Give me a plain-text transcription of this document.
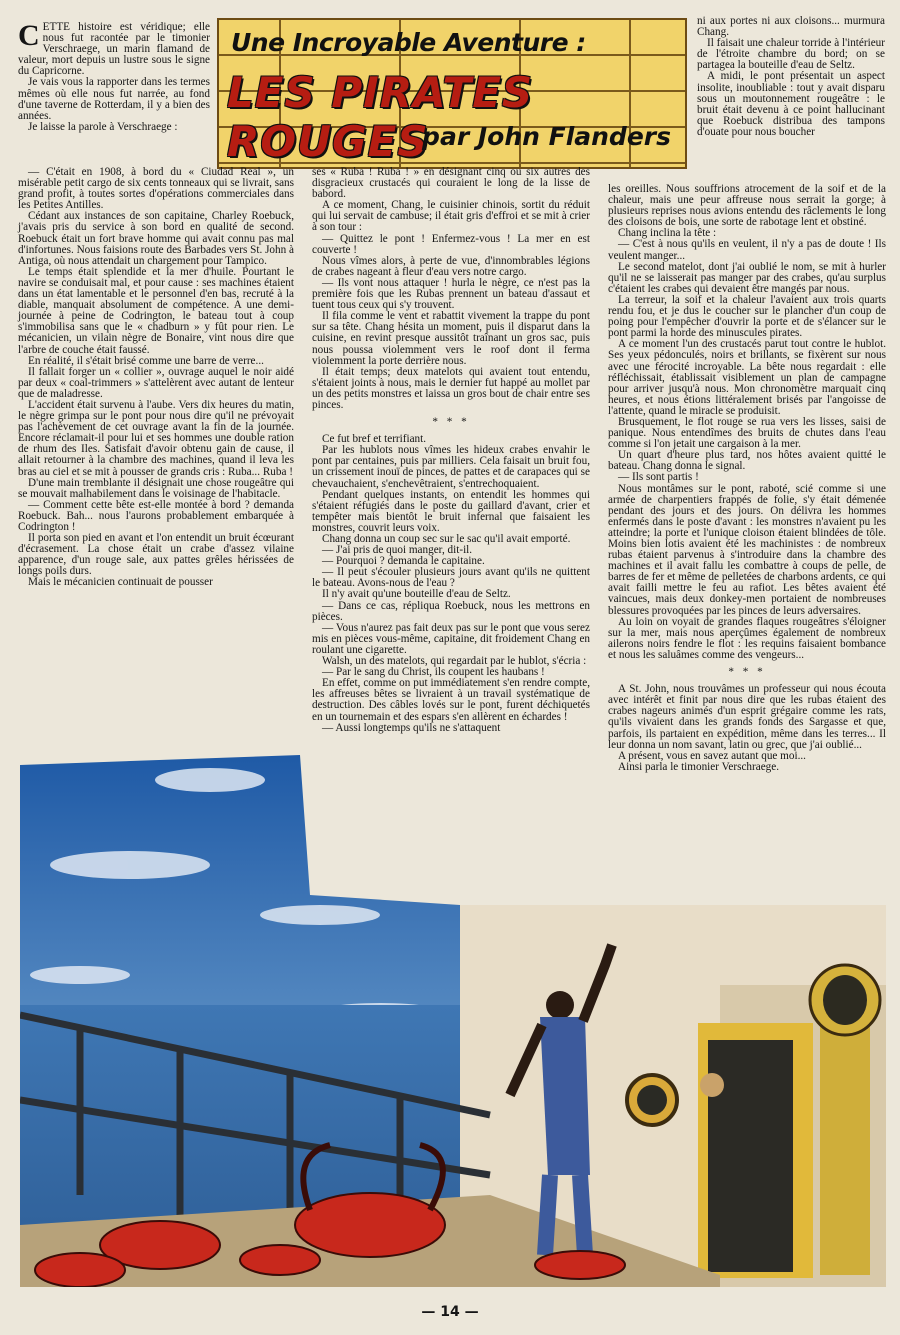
Une Incroyable Aventure :
LES PIRATES ROUGES
par John Flanders

CETTE histoire est véridique; elle nous fut racontée par le timonier Verschraege, un marin flamand de valeur, mort depuis un lustre sous le signe du Capricorne.

Je vais vous la rapporter dans les termes mêmes où elle nous fut narrée, au fond d'une taverne de Rotterdam, il y a bien des années.

Je laisse la parole à Verschraege :

— C'était en 1908, à bord du « Ciudad Real », un misérable petit cargo de six cents tonneaux qui se livrait, sans grand profit, à toutes sortes d'opérations commerciales dans les Petites Antilles.

Cédant aux instances de son capitaine, Charley Roebuck, j'avais pris du service à son bord en qualité de second. Roebuck était un fort brave homme qui avait connu pas mal d'infortunes. Nous faisions route des Barbades vers St. John à Antiga, où nous attendait un chargement pour Tampico.

Le temps était splendide et la mer d'huile. Pourtant le navire se conduisait mal, et pour cause : ses machines étaient dans un état lamentable et le personnel d'en bas, recruté à la diable, manquait absolument de compétence. A une demi-journée à peine de Codrington, le bateau tout à coup s'immobilisa sans que le « chadburn » y fût pour rien. Le mécanicien, un vilain nègre de Bonaire, vint nous dire que l'arbre de couche était faussé.

En réalité, il s'était brisé comme une barre de verre...

Il fallait forger un « collier », ouvrage auquel le noir aidé par deux « coal-trimmers » s'attelèrent avec autant de lenteur que de maladresse.

L'accident était survenu à l'aube. Vers dix heures du matin, le nègre grimpa sur le pont pour nous dire qu'il ne prévoyait pas l'achèvement de cet ouvrage avant la fin de la journée. Encore réclamait-il pour lui et ses hommes une double ration de rhum des Iles. Satisfait d'avoir obtenu gain de cause, il allait retourner à la chambre des machines, quand il leva les bras au ciel et se mit à pousser de grands cris : Ruba... Ruba !

D'une main tremblante il désignait une chose rougeâtre qui se mouvait malhabilement dans le voisinage de l'habitacle.

— Comment cette bête est-elle montée à bord ? demanda Roebuck. Bah... nous l'aurons probablement embarquée à Codrington !

Il porta son pied en avant et l'on entendit un bruit écœurant d'écrasement. La chose était un crabe d'assez vilaine apparence, d'un rouge sale, aux pattes grêles hérissées de longs poils durs.

Mais le mécanicien continuait de pousser

ses « Ruba ! Ruba ! » en désignant cinq ou six autres des disgracieux crustacés qui couraient le long de la lisse de babord.

A ce moment, Chang, le cuisinier chinois, sortit du réduit qui lui servait de cambuse; il était gris d'effroi et se mit à crier à son tour :

— Quittez le pont ! Enfermez-vous ! La mer en est couverte !

Nous vîmes alors, à perte de vue, d'innombrables légions de crabes nageant à fleur d'eau vers notre cargo.

— Ils vont nous attaquer ! hurla le nègre, ce n'est pas la première fois que les Rubas prennent un bateau d'assaut et tuent tous ceux qui s'y trouvent.

Il fila comme le vent et rabattit vivement la trappe du pont sur sa tête. Chang hésita un moment, puis il disparut dans la cuisine, en revint presque aussitôt traînant un gros sac, puis nous poussa violemment vers le roof dont il ferma violemment la porte derrière nous.

Il était temps; deux matelots qui avaient tout entendu, s'étaient joints à nous, mais le dernier fut happé au mollet par un des petits monstres et laissa un gros bout de chair entre ses pinces.

* * *

Ce fut bref et terrifiant.

Par les hublots nous vîmes les hideux crabes envahir le pont par centaines, puis par milliers. Cela faisait un bruit fou, un crissement inouï de pinces, de pattes et de carapaces qui se chevauchaient, s'enchevêtraient, s'entrechoquaient.

Pendant quelques instants, on entendit les hommes qui s'étaient réfugiés dans le poste du gaillard d'avant, crier et tempêter mais bientôt le bruit infernal que faisaient les monstres, couvrit leurs voix.

Chang donna un coup sec sur le sac qu'il avait emporté.

— J'ai pris de quoi manger, dit-il.

— Pourquoi ? demanda le capitaine.

— Il peut s'écouler plusieurs jours avant qu'ils ne quittent le bateau. Avons-nous de l'eau ?

Il n'y avait qu'une bouteille d'eau de Seltz.

— Dans ce cas, répliqua Roebuck, nous les mettrons en pièces.

— Vous n'aurez pas fait deux pas sur le pont que vous serez mis en pièces vous-même, capitaine, dit froidement Chang en roulant une cigarette.

Walsh, un des matelots, qui regardait par le hublot, s'écria :

— Par le sang du Christ, ils coupent les haubans !

En effet, comme on put immédiatement s'en rendre compte, les affreuses bêtes se livraient à un travail systématique de destruction. Des câbles lovés sur le pont, furent déchiquetés en un tournemain et des espars s'en allèrent en échardes !

— Aussi longtemps qu'ils ne s'attaquent

ni aux portes ni aux cloisons... murmura Chang.

Il faisait une chaleur torride à l'intérieur de l'étroite chambre du bord; on se partagea la bouteille d'eau de Seltz.

A midi, le pont présentait un aspect insolite, inoubliable : tout y avait disparu sous un moutonnement rougeâtre : le bruit était devenu à ce point hallucinant que Roebuck distribua des tampons d'ouate pour nous boucher

les oreilles. Nous souffrions atrocement de la soif et de la chaleur, mais une peur affreuse nous serrait la gorge; à plusieurs reprises nous avions entendu des râclements le long des cloisons de bois, une sorte de rabotage lent et obstiné.

Chang inclina la tête :

— C'est à nous qu'ils en veulent, il n'y a pas de doute ! Ils veulent manger...

Le second matelot, dont j'ai oublié le nom, se mit à hurler qu'il ne se laisserait pas manger par des crabes, qu'au surplus c'étaient les crabes qui devaient être mangés par nous.

La terreur, la soif et la chaleur l'avaient aux trois quarts rendu fou, et je dus le coucher sur le plancher d'un coup de poing pour l'empêcher d'ouvrir la porte et de s'élancer sur le pont parmi la horde des minuscules pirates.

A ce moment l'un des crustacés parut tout contre le hublot. Ses yeux pédonculés, noirs et brillants, se fixèrent sur nous avec une férocité incroyable. La bête nous regardait : elle réfléchissait, établissait visiblement un plan de campagne pour arriver jusqu'à nous. Mon chronomètre marquait cinq heures, et nous étions littéralement brisés par l'angoisse de l'attente, quand le miracle se produisit.

Brusquement, le flot rouge se rua vers les lisses, saisi de panique. Nous entendîmes des bruits de chutes dans l'eau comme si l'on jetait une cargaison à la mer.

Un quart d'heure plus tard, nos hôtes avaient quitté le bateau. Chang donna le signal.

— Ils sont partis !

Nous montâmes sur le pont, raboté, scié comme si une armée de charpentiers frappés de folie, s'y était démenée pendant des jours et des jours. On délivra les hommes enfermés dans le poste d'avant : les monstres n'avaient pu les atteindre; la porte et l'unique cloison étaient blindées de tôle. Moins bien lotis avaient été les machinistes : de nombreux rubas étaient parvenus à s'introduire dans la chambre des machines et il avait fallu les combattre à coups de pelle, de barres de fer et même de pelletées de charbons ardents, ce qui avait failli mettre le feu au rafiot. Les bêtes avaient été vaincues, mais deux donkey-men portaient de nombreuses blessures provoquées par les pinces de leurs adversaires.

Au loin on voyait de grandes flaques rougeâtres s'éloigner sur la mer, mais nous aperçûmes également de nombreux ailerons noirs fendre le flot : les requins faisaient bombance et nous les saluâmes comme des vengeurs...

* * *

A St. John, nous trouvâmes un professeur qui nous écouta avec intérêt et finit par nous dire que les rubas étaient des crabes nageurs animés d'un esprit grégaire comme les rats, qu'ils vivaient dans les grands fonds des Sargasse et que, parfois, ils partaient en expédition, même dans les terres... Il leur donna un nom savant, latin ou grec, que j'ai oublié...

A présent, vous en savez autant que moi...

Ainsi parla le timonier Verschraege.

— 14 —
